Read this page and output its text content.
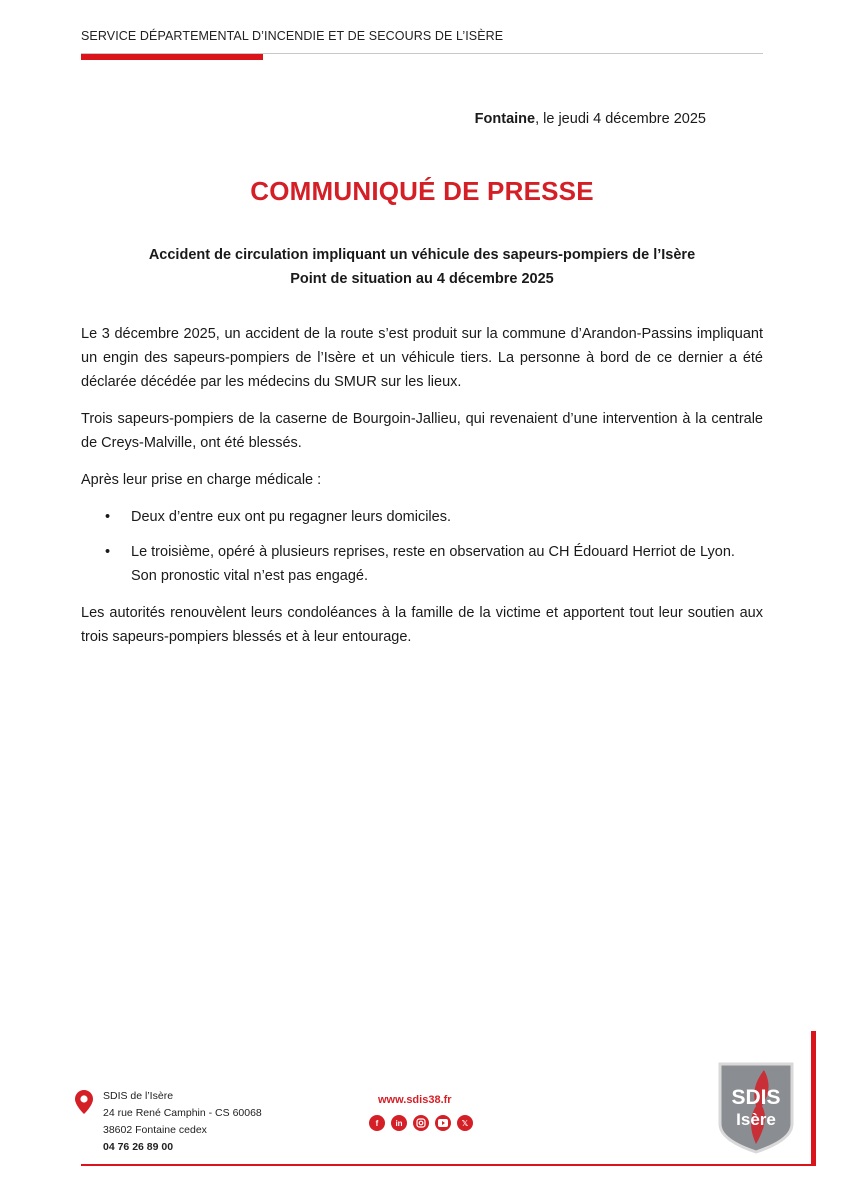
SERVICE DÉPARTEMENTAL D’INCENDIE ET DE SECOURS DE L’ISÈRE
Fontaine, le jeudi 4 décembre 2025
COMMUNIQUÉ DE PRESSE
Accident de circulation impliquant un véhicule des sapeurs-pompiers de l’Isère
Point de situation au 4 décembre 2025

Le 3 décembre 2025, un accident de la route s’est produit sur la commune d’Arandon-Passins impliquant un engin des sapeurs-pompiers de l’Isère et un véhicule tiers. La personne à bord de ce dernier a été déclarée décédée par les médecins du SMUR sur les lieux.

Trois sapeurs-pompiers de la caserne de Bourgoin-Jallieu, qui revenaient d’une intervention à la centrale de Creys-Malville, ont été blessés.

Après leur prise en charge médicale :

• Deux d’entre eux ont pu regagner leurs domiciles.
• Le troisième, opéré à plusieurs reprises, reste en observation au CH Édouard Herriot de Lyon. Son pronostic vital n’est pas engagé.

Les autorités renouvèlent leurs condoléances à la famille de la victime et apportent tout leur soutien aux trois sapeurs-pompiers blessés et à leur entourage.

SDIS de l’Isère
24 rue René Camphin - CS 60068
38602 Fontaine cedex
04 76 26 89 00
www.sdis38.fr
f	in	𝕏
SDIS
Isère
